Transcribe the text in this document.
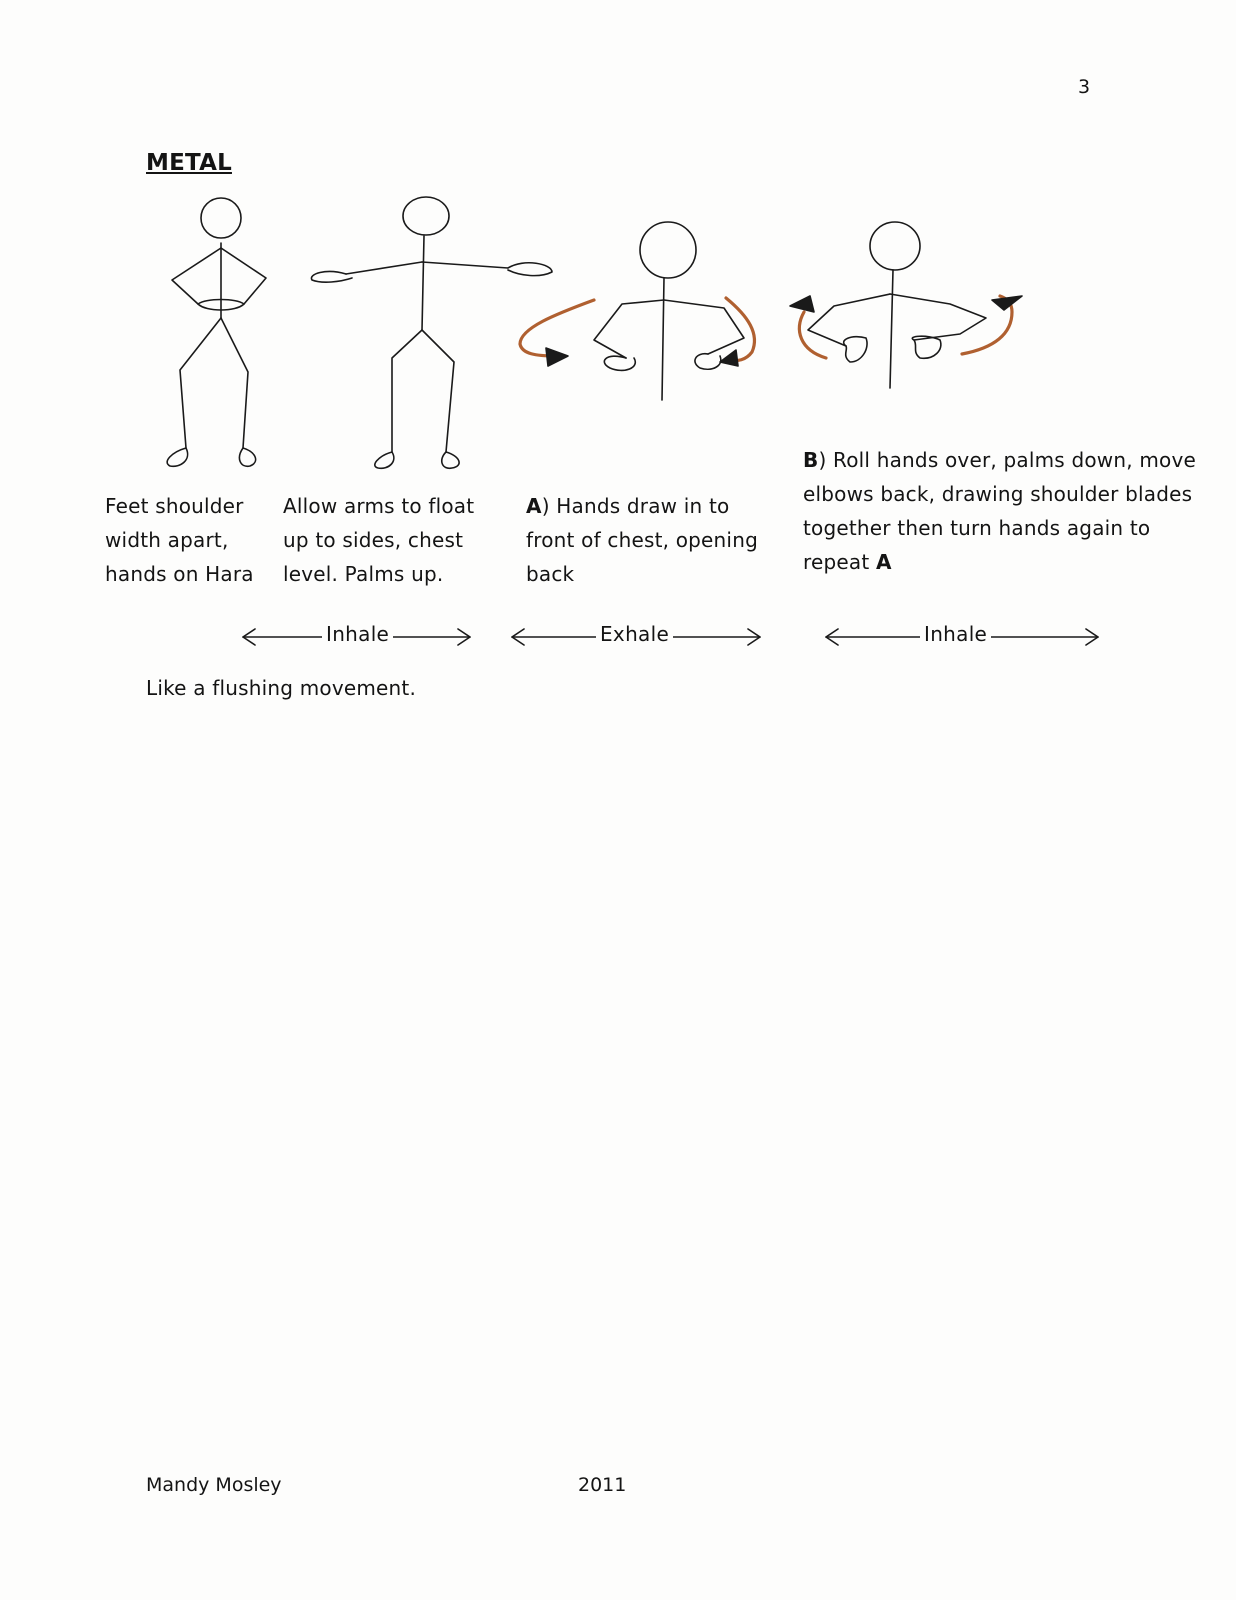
3
METAL
Feet shoulder width apart, hands on Hara
Allow arms to float up to sides, chest level. Palms up.
A) Hands draw in to front of chest, opening back
B) Roll hands over, palms down, move elbows back, drawing shoulder blades together then turn hands again to repeat A
Inhale	Exhale	Inhale
Like a flushing movement.
Mandy Mosley	2011
